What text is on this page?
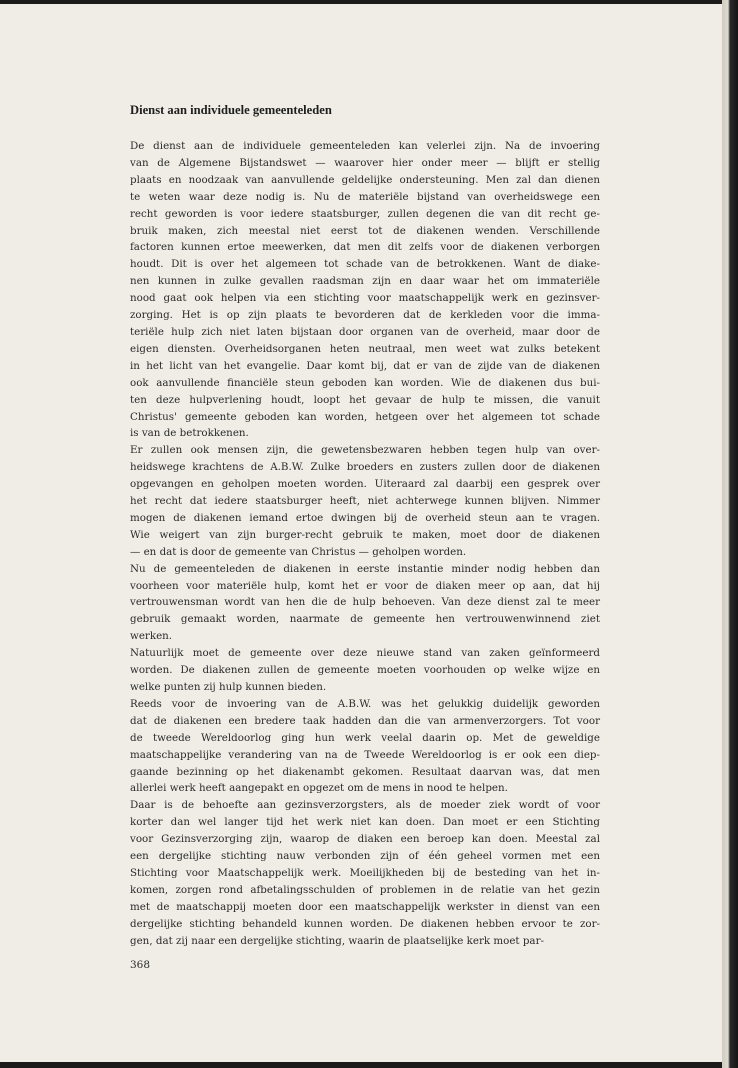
Dienst aan individuele gemeenteleden

De dienst aan de individuele gemeenteleden kan velerlei zijn. Na de invoering
van de Algemene Bijstandswet — waarover hier onder meer — blijft er stellig
plaats en noodzaak van aanvullende geldelijke ondersteuning. Men zal dan dienen
te weten waar deze nodig is. Nu de materiële bijstand van overheidswege een
recht geworden is voor iedere staatsburger, zullen degenen die van dit recht ge-
bruik maken, zich meestal niet eerst tot de diakenen wenden. Verschillende
factoren kunnen ertoe meewerken, dat men dit zelfs voor de diakenen verborgen
houdt. Dit is over het algemeen tot schade van de betrokkenen. Want de diake-
nen kunnen in zulke gevallen raadsman zijn en daar waar het om immateriële
nood gaat ook helpen via een stichting voor maatschappelijk werk en gezinsver-
zorging. Het is op zijn plaats te bevorderen dat de kerkleden voor die imma-
teriële hulp zich niet laten bijstaan door organen van de overheid, maar door de
eigen diensten. Overheidsorganen heten neutraal, men weet wat zulks betekent
in het licht van het evangelie. Daar komt bij, dat er van de zijde van de diakenen
ook aanvullende financiële steun geboden kan worden. Wie de diakenen dus bui-
ten deze hulpverlening houdt, loopt het gevaar de hulp te missen, die vanuit
Christus' gemeente geboden kan worden, hetgeen over het algemeen tot schade
is van de betrokkenen.

Er zullen ook mensen zijn, die gewetensbezwaren hebben tegen hulp van over-
heidswege krachtens de A.B.W. Zulke broeders en zusters zullen door de diakenen
opgevangen en geholpen moeten worden. Uiteraard zal daarbij een gesprek over
het recht dat iedere staatsburger heeft, niet achterwege kunnen blijven. Nimmer
mogen de diakenen iemand ertoe dwingen bij de overheid steun aan te vragen.
Wie weigert van zijn burger-recht gebruik te maken, moet door de diakenen
— en dat is door de gemeente van Christus — geholpen worden.

Nu de gemeenteleden de diakenen in eerste instantie minder nodig hebben dan
voorheen voor materiële hulp, komt het er voor de diaken meer op aan, dat hij
vertrouwensman wordt van hen die de hulp behoeven. Van deze dienst zal te meer
gebruik gemaakt worden, naarmate de gemeente hen vertrouwenwinnend ziet
werken.

Natuurlijk moet de gemeente over deze nieuwe stand van zaken geïnformeerd
worden. De diakenen zullen de gemeente moeten voorhouden op welke wijze en
welke punten zij hulp kunnen bieden.

Reeds voor de invoering van de A.B.W. was het gelukkig duidelijk geworden
dat de diakenen een bredere taak hadden dan die van armenverzorgers. Tot voor
de tweede Wereldoorlog ging hun werk veelal daarin op. Met de geweldige
maatschappelijke verandering van na de Tweede Wereldoorlog is er ook een diep-
gaande bezinning op het diakenambt gekomen. Resultaat daarvan was, dat men
allerlei werk heeft aangepakt en opgezet om de mens in nood te helpen.

Daar is de behoefte aan gezinsverzorgsters, als de moeder ziek wordt of voor
korter dan wel langer tijd het werk niet kan doen. Dan moet er een Stichting
voor Gezinsverzorging zijn, waarop de diaken een beroep kan doen. Meestal zal
een dergelijke stichting nauw verbonden zijn of één geheel vormen met een
Stichting voor Maatschappelijk werk. Moeilijkheden bij de besteding van het in-
komen, zorgen rond afbetalingsschulden of problemen in de relatie van het gezin
met de maatschappij moeten door een maatschappelijk werkster in dienst van een
dergelijke stichting behandeld kunnen worden. De diakenen hebben ervoor te zor-
gen, dat zij naar een dergelijke stichting, waarin de plaatselijke kerk moet par-

368
